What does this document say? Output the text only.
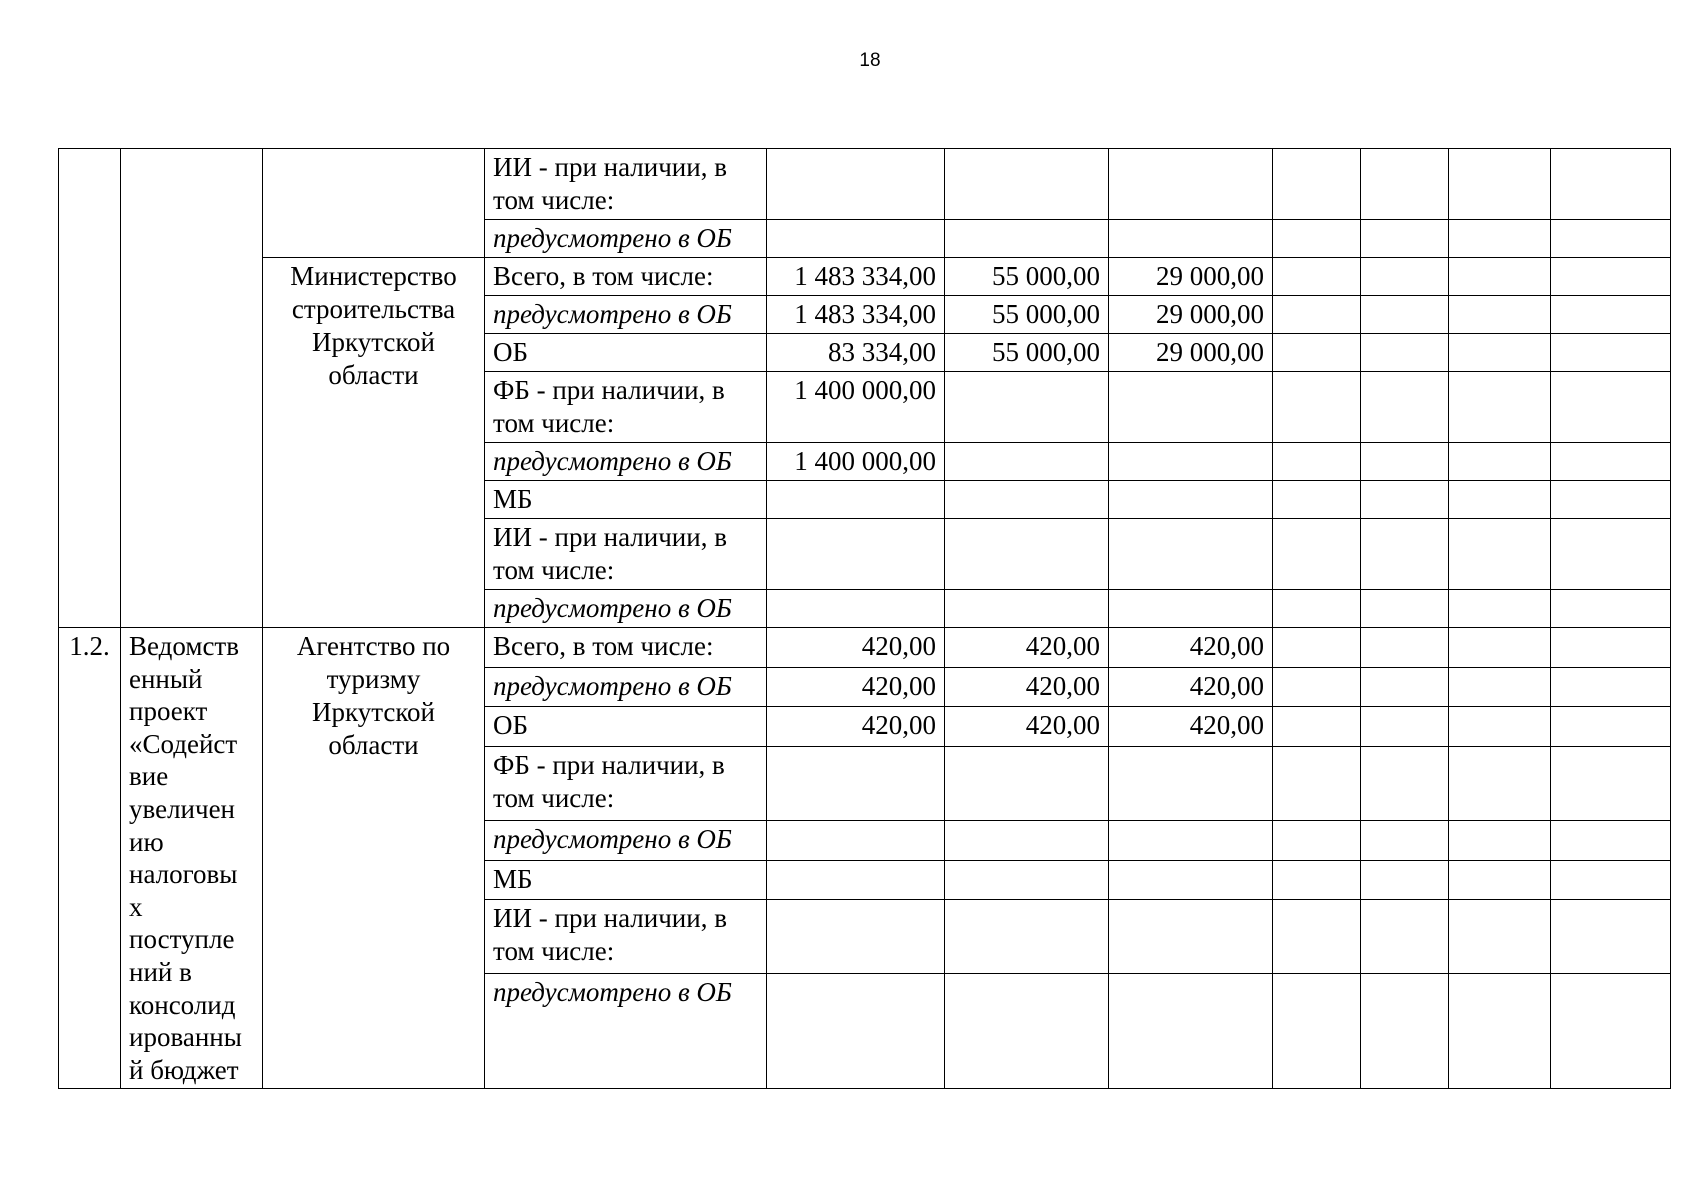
18
			ИИ - при наличии, в том числе:							
			предусмотрено в ОБ							
		Министерство строительства Иркутской области	Всего, в том числе:	1 483 334,00	55 000,00	29 000,00				
			предусмотрено в ОБ	1 483 334,00	55 000,00	29 000,00				
			ОБ	83 334,00	55 000,00	29 000,00				
			ФБ - при наличии, в том числе:	1 400 000,00						
			предусмотрено в ОБ	1 400 000,00						
			МБ							
			ИИ - при наличии, в том числе:							
			предусмотрено в ОБ							
1.2.	Ведомств енный проект «Содейст вие увеличен ию налоговы х поступле ний в консолид ированны й бюджет	Агентство по туризму Иркутской области	Всего, в том числе:	420,00	420,00	420,00				
			предусмотрено в ОБ	420,00	420,00	420,00				
			ОБ	420,00	420,00	420,00				
			ФБ - при наличии, в том числе:							
			предусмотрено в ОБ							
			МБ							
			ИИ - при наличии, в том числе:							
			предусмотрено в ОБ							
